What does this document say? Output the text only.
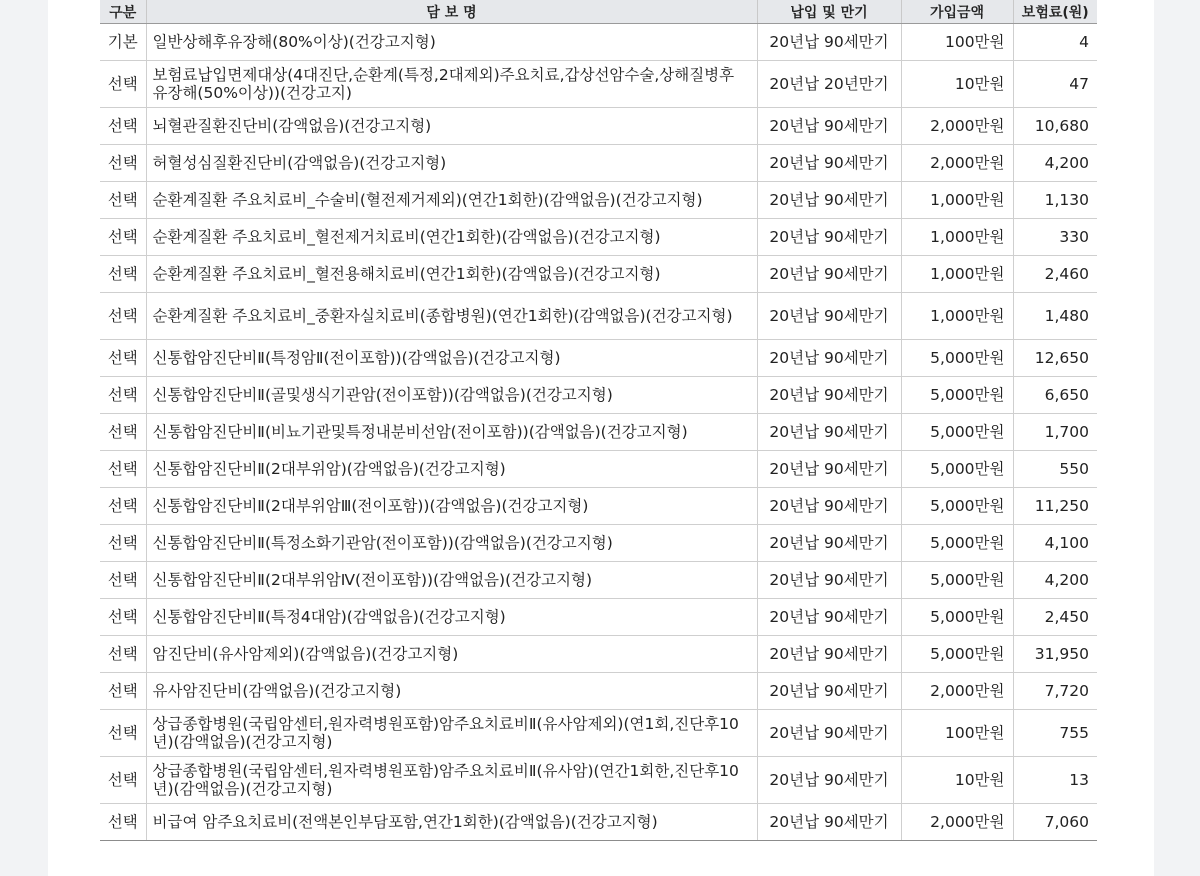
구분	담 보 명	납입 및 만기	가입금액	보험료(원)
기본	일반상해후유장해(80%이상)(건강고지형)	20년납 90세만기	100만원	4
선택	보험료납입면제대상(4대진단,순환계(특정,2대제외)주요치료,갑상선암수술,상해질병후유장해(50%이상))(건강고지)	20년납 20년만기	10만원	47
선택	뇌혈관질환진단비(감액없음)(건강고지형)	20년납 90세만기	2,000만원	10,680
선택	허혈성심질환진단비(감액없음)(건강고지형)	20년납 90세만기	2,000만원	4,200
선택	순환계질환 주요치료비_수술비(혈전제거제외)(연간1회한)(감액없음)(건강고지형)	20년납 90세만기	1,000만원	1,130
선택	순환계질환 주요치료비_혈전제거치료비(연간1회한)(감액없음)(건강고지형)	20년납 90세만기	1,000만원	330
선택	순환계질환 주요치료비_혈전용해치료비(연간1회한)(감액없음)(건강고지형)	20년납 90세만기	1,000만원	2,460
선택	순환계질환 주요치료비_중환자실치료비(종합병원)(연간1회한)(감액없음)(건강고지형)	20년납 90세만기	1,000만원	1,480
선택	신통합암진단비Ⅱ(특정암Ⅱ(전이포함))(감액없음)(건강고지형)	20년납 90세만기	5,000만원	12,650
선택	신통합암진단비Ⅱ(골및생식기관암(전이포함))(감액없음)(건강고지형)	20년납 90세만기	5,000만원	6,650
선택	신통합암진단비Ⅱ(비뇨기관및특정내분비선암(전이포함))(감액없음)(건강고지형)	20년납 90세만기	5,000만원	1,700
선택	신통합암진단비Ⅱ(2대부위암)(감액없음)(건강고지형)	20년납 90세만기	5,000만원	550
선택	신통합암진단비Ⅱ(2대부위암Ⅲ(전이포함))(감액없음)(건강고지형)	20년납 90세만기	5,000만원	11,250
선택	신통합암진단비Ⅱ(특정소화기관암(전이포함))(감액없음)(건강고지형)	20년납 90세만기	5,000만원	4,100
선택	신통합암진단비Ⅱ(2대부위암Ⅳ(전이포함))(감액없음)(건강고지형)	20년납 90세만기	5,000만원	4,200
선택	신통합암진단비Ⅱ(특정4대암)(감액없음)(건강고지형)	20년납 90세만기	5,000만원	2,450
선택	암진단비(유사암제외)(감액없음)(건강고지형)	20년납 90세만기	5,000만원	31,950
선택	유사암진단비(감액없음)(건강고지형)	20년납 90세만기	2,000만원	7,720
선택	상급종합병원(국립암센터,원자력병원포함)암주요치료비Ⅱ(유사암제외)(연1회,진단후10년)(감액없음)(건강고지형)	20년납 90세만기	100만원	755
선택	상급종합병원(국립암센터,원자력병원포함)암주요치료비Ⅱ(유사암)(연간1회한,진단후10년)(감액없음)(건강고지형)	20년납 90세만기	10만원	13
선택	비급여 암주요치료비(전액본인부담포함,연간1회한)(감액없음)(건강고지형)	20년납 90세만기	2,000만원	7,060
